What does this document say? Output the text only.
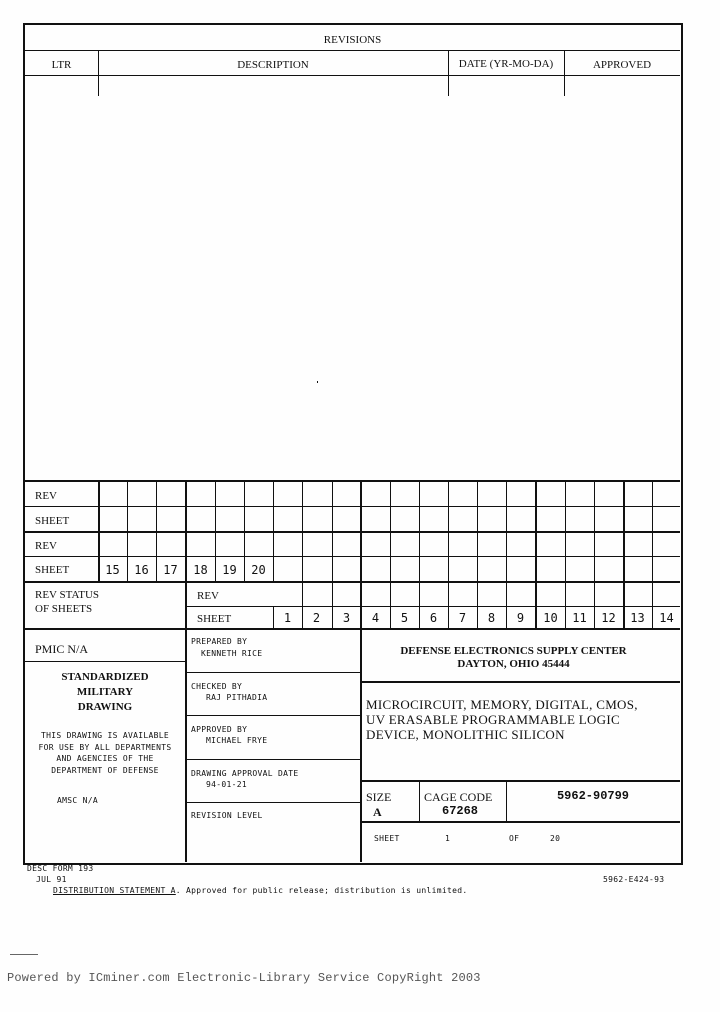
REVISIONS
LTR	DESCRIPTION	DATE (YR-MO-DA)	APPROVED
REV
SHEET
REV
SHEET	15	16	17	18	19	20
REV STATUS
OF SHEETS
REV
SHEET	1	2	3	4	5	6	7	8	9	10	11	12	13	14
PMIC N/A
STANDARDIZED
MILITARY
DRAWING
THIS DRAWING IS AVAILABLE
FOR USE BY ALL DEPARTMENTS
AND AGENCIES OF THE
DEPARTMENT OF DEFENSE
AMSC N/A
PREPARED BY
KENNETH RICE
CHECKED BY
RAJ PITHADIA
APPROVED BY
MICHAEL FRYE
DRAWING APPROVAL DATE
94-01-21
REVISION LEVEL
DEFENSE ELECTRONICS SUPPLY CENTER
DAYTON, OHIO 45444
MICROCIRCUIT, MEMORY, DIGITAL, CMOS,
UV ERASABLE PROGRAMMABLE LOGIC
DEVICE, MONOLITHIC SILICON
SIZE
A
CAGE CODE
67268
5962-90799
SHEET	1	OF	20
DESC FORM 193
JUL 91	5962-E424-93
DISTRIBUTION STATEMENT A. Approved for public release; distribution is unlimited.
Powered by ICminer.com Electronic-Library Service CopyRight 2003
